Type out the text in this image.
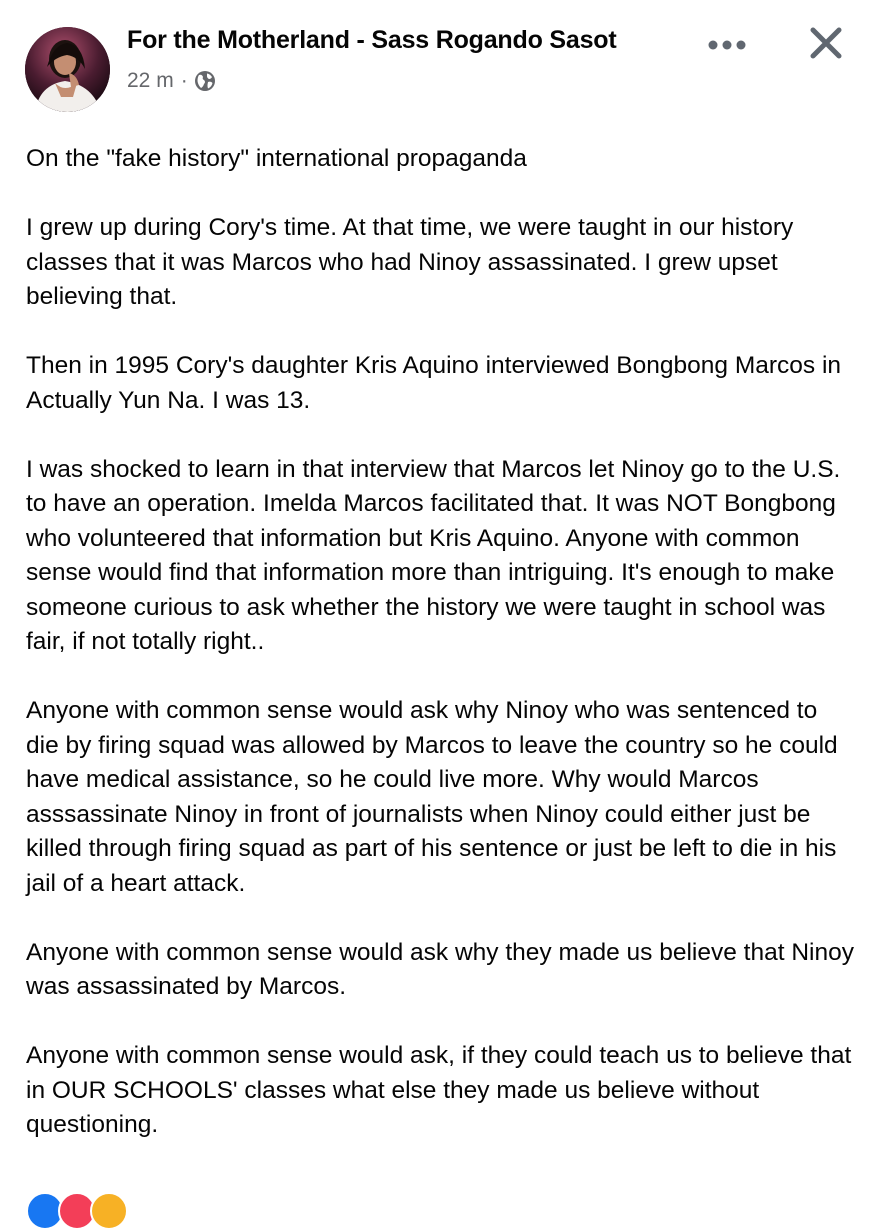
For the Motherland - Sass Rogando Sasot
22 m ·

On the "fake history" international propaganda

I grew up during Cory's time. At that time, we were taught in our history classes that it was Marcos who had Ninoy assassinated. I grew upset believing that.

Then in 1995 Cory's daughter Kris Aquino interviewed Bongbong Marcos in Actually Yun Na. I was 13.

I was shocked to learn in that interview that Marcos let Ninoy go to the U.S. to have an operation. Imelda Marcos facilitated that. It was NOT Bongbong who volunteered that information but Kris Aquino. Anyone with common sense would find that information more than intriguing. It's enough to make someone curious to ask whether the history we were taught in school was fair, if not totally right..

Anyone with common sense would ask why Ninoy who was sentenced to die by firing squad was allowed by Marcos to leave the country so he could have medical assistance, so he could live more. Why would Marcos asssassinate Ninoy in front of journalists when Ninoy could either just be killed through firing squad as part of his sentence or just be left to die in his jail of a heart attack.

Anyone with common sense would ask why they made us believe that Ninoy was assassinated by Marcos.

Anyone with common sense would ask, if they could teach us to believe that in OUR SCHOOLS' classes what else they made us believe without questioning.
